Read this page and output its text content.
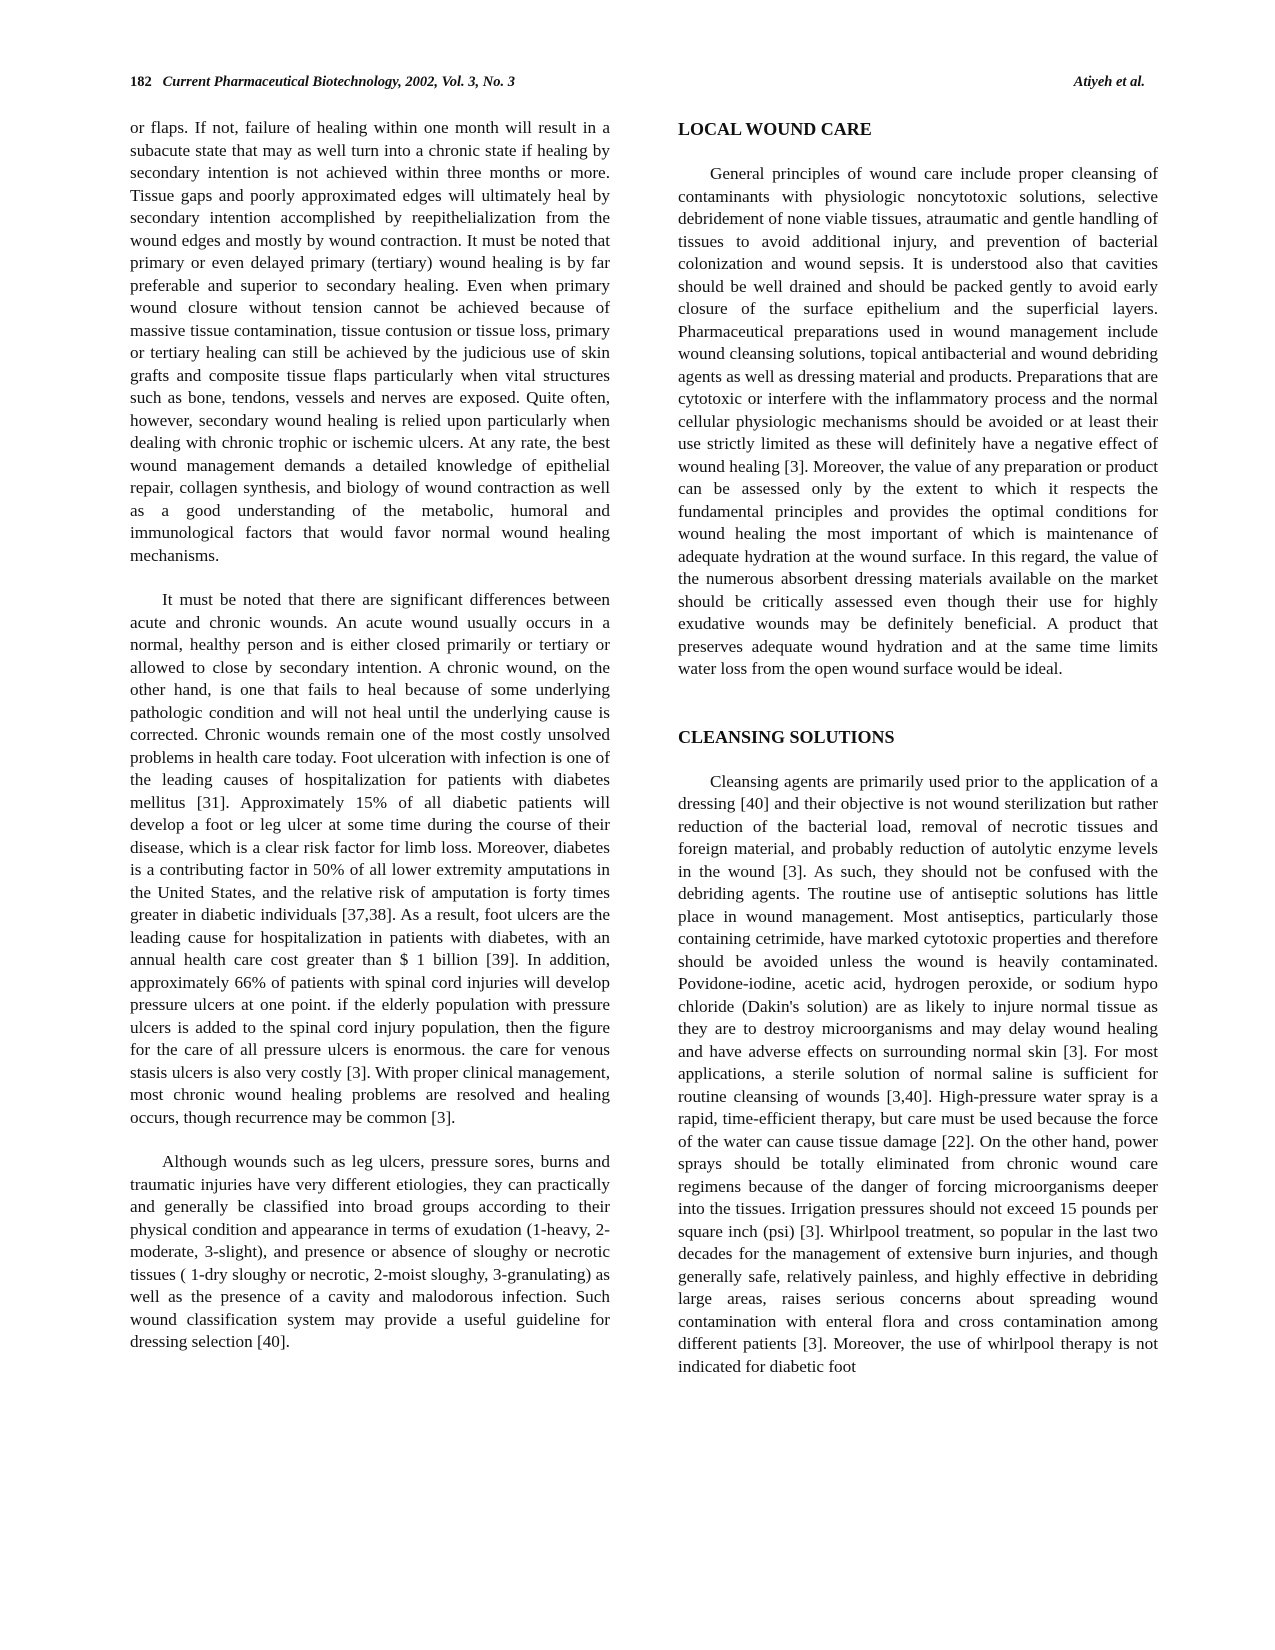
182 Current Pharmaceutical Biotechnology, 2002, Vol. 3, No. 3	Atiyeh et al.

or flaps. If not, failure of healing within one month will result in a subacute state that may as well turn into a chronic state if healing by secondary intention is not achieved within three months or more. Tissue gaps and poorly approximated edges will ultimately heal by secondary intention accomplished by reepithelialization from the wound edges and mostly by wound contraction. It must be noted that primary or even delayed primary (tertiary) wound healing is by far preferable and superior to secondary healing. Even when primary wound closure without tension cannot be achieved because of massive tissue contamination, tissue contusion or tissue loss, primary or tertiary healing can still be achieved by the judicious use of skin grafts and composite tissue flaps particularly when vital structures such as bone, tendons, vessels and nerves are exposed. Quite often, however, secondary wound healing is relied upon particularly when dealing with chronic trophic or ischemic ulcers. At any rate, the best wound management demands a detailed knowledge of epithelial repair, collagen synthesis, and biology of wound contraction as well as a good understanding of the metabolic, humoral and immunological factors that would favor normal wound healing mechanisms.

It must be noted that there are significant differences between acute and chronic wounds. An acute wound usually occurs in a normal, healthy person and is either closed primarily or tertiary or allowed to close by secondary intention. A chronic wound, on the other hand, is one that fails to heal because of some underlying pathologic condition and will not heal until the underlying cause is corrected. Chronic wounds remain one of the most costly unsolved problems in health care today. Foot ulceration with infection is one of the leading causes of hospitalization for patients with diabetes mellitus [31]. Approximately 15% of all diabetic patients will develop a foot or leg ulcer at some time during the course of their disease, which is a clear risk factor for limb loss. Moreover, diabetes is a contributing factor in 50% of all lower extremity amputations in the United States, and the relative risk of amputation is forty times greater in diabetic individuals [37,38]. As a result, foot ulcers are the leading cause for hospitalization in patients with diabetes, with an annual health care cost greater than $ 1 billion [39]. In addition, approximately 66% of patients with spinal cord injuries will develop pressure ulcers at one point. if the elderly population with pressure ulcers is added to the spinal cord injury population, then the figure for the care of all pressure ulcers is enormous. the care for venous stasis ulcers is also very costly [3]. With proper clinical management, most chronic wound healing problems are resolved and healing occurs, though recurrence may be common [3].

Although wounds such as leg ulcers, pressure sores, burns and traumatic injuries have very different etiologies, they can practically and generally be classified into broad groups according to their physical condition and appearance in terms of exudation (1-heavy, 2-moderate, 3-slight), and presence or absence of sloughy or necrotic tissues ( 1-dry sloughy or necrotic, 2-moist sloughy, 3-granulating) as well as the presence of a cavity and malodorous infection. Such wound classification system may provide a useful guideline for dressing selection [40].

LOCAL WOUND CARE

General principles of wound care include proper cleansing of contaminants with physiologic noncytotoxic solutions, selective debridement of none viable tissues, atraumatic and gentle handling of tissues to avoid additional injury, and prevention of bacterial colonization and wound sepsis. It is understood also that cavities should be well drained and should be packed gently to avoid early closure of the surface epithelium and the superficial layers. Pharmaceutical preparations used in wound management include wound cleansing solutions, topical antibacterial and wound debriding agents as well as dressing material and products. Preparations that are cytotoxic or interfere with the inflammatory process and the normal cellular physiologic mechanisms should be avoided or at least their use strictly limited as these will definitely have a negative effect of wound healing [3]. Moreover, the value of any preparation or product can be assessed only by the extent to which it respects the fundamental principles and provides the optimal conditions for wound healing the most important of which is maintenance of adequate hydration at the wound surface. In this regard, the value of the numerous absorbent dressing materials available on the market should be critically assessed even though their use for highly exudative wounds may be definitely beneficial. A product that preserves adequate wound hydration and at the same time limits water loss from the open wound surface would be ideal.

CLEANSING SOLUTIONS

Cleansing agents are primarily used prior to the application of a dressing [40] and their objective is not wound sterilization but rather reduction of the bacterial load, removal of necrotic tissues and foreign material, and probably reduction of autolytic enzyme levels in the wound [3]. As such, they should not be confused with the debriding agents. The routine use of antiseptic solutions has little place in wound management. Most antiseptics, particularly those containing cetrimide, have marked cytotoxic properties and therefore should be avoided unless the wound is heavily contaminated. Povidone-iodine, acetic acid, hydrogen peroxide, or sodium hypo chloride (Dakin's solution) are as likely to injure normal tissue as they are to destroy microorganisms and may delay wound healing and have adverse effects on surrounding normal skin [3]. For most applications, a sterile solution of normal saline is sufficient for routine cleansing of wounds [3,40]. High-pressure water spray is a rapid, time-efficient therapy, but care must be used because the force of the water can cause tissue damage [22]. On the other hand, power sprays should be totally eliminated from chronic wound care regimens because of the danger of forcing microorganisms deeper into the tissues. Irrigation pressures should not exceed 15 pounds per square inch (psi) [3]. Whirlpool treatment, so popular in the last two decades for the management of extensive burn injuries, and though generally safe, relatively painless, and highly effective in debriding large areas, raises serious concerns about spreading wound contamination with enteral flora and cross contamination among different patients [3]. Moreover, the use of whirlpool therapy is not indicated for diabetic foot
